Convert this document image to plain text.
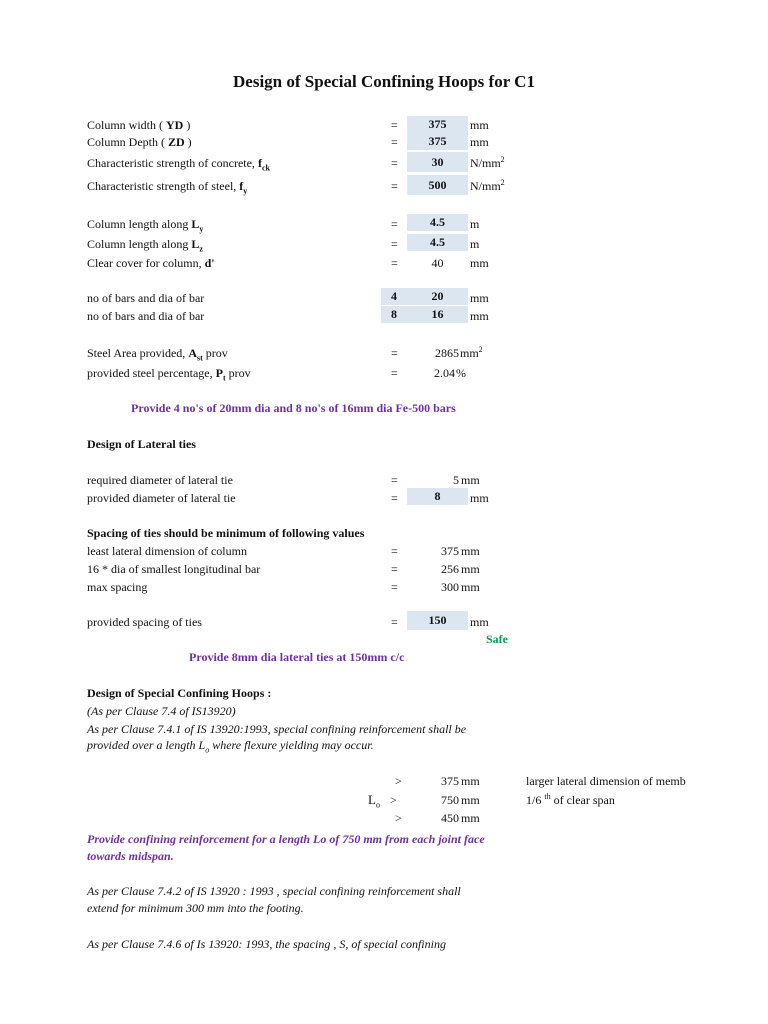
Design of Special Confining Hoops for C1
Column width ( YD )	=	375	mm
Column Depth ( ZD )	=	375	mm
Characteristic strength of concrete, $f_{ck}$	=	30	$N/mm^2$
Characteristic strength of steel, $f_y$	=	500	$N/mm^2$
Column length along $L_y$	=	4.5	m
Column length along $L_z$	=	4.5	m
Clear cover for column, d'	=	40	mm
no of bars and dia of bar	4	20	mm
no of bars and dia of bar	8	16	mm
Steel Area provided, $A_{st}$ prov	=	2865 $mm^2$
provided steel percentage, $P_t$ prov	=	2.04 %
Provide 4 no's of 20mm dia and 8 no's of 16mm dia Fe-500 bars
Design of Lateral ties
required diameter of lateral tie	=	5 mm
provided diameter of lateral tie	=	8	mm
Spacing of ties should be minimum of following values
least lateral dimension of column	=	375 mm
16 * dia of smallest longitudinal bar	=	256 mm
max spacing	=	300 mm
provided spacing of ties	=	150	mm
Safe
Provide 8mm dia lateral ties at 150mm c/c
Design of Special Confining Hoops :
(As per Clause 7.4 of IS13920)
As per Clause 7.4.1 of IS 13920:1993, special confining reinforcement shall be
provided over a length $L_o$ where flexure yielding may occur.
>	375 mm	larger lateral dimension of memb
$L_o$ >	750 mm	1/6 $^{th}$ of clear span
>	450 mm
Provide confining reinforcement for a length Lo of 750 mm from each joint face
towards midspan.
As per Clause 7.4.2 of IS 13920 : 1993 , special confining reinforcement shall
extend for minimum 300 mm into the footing.
As per Clause 7.4.6 of Is 13920: 1993, the spacing , S, of special confining
